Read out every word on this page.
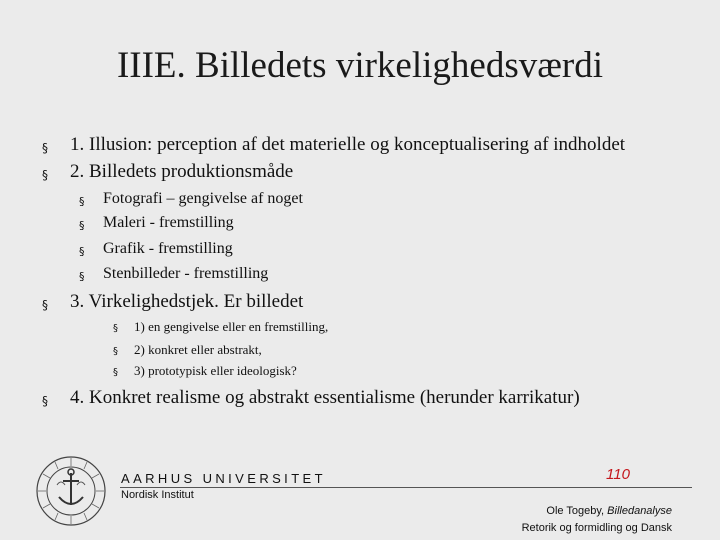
IIIE. Billedets virkelighedsværdi
§ 1. Illusion: perception af det materielle og konceptualisering af indholdet
§ 2. Billedets produktionsmåde
§ Fotografi – gengivelse af noget
§ Maleri - fremstilling
§ Grafik - fremstilling
§ Stenbilleder - fremstilling
§ 3. Virkelighedstjek. Er billedet
§ 1) en gengivelse eller en fremstilling,
§ 2) konkret eller abstrakt,
§ 3) prototypisk eller ideologisk?
§ 4. Konkret realisme og abstrakt essentialisme (herunder karrikatur)
AARHUS UNIVERSITET
Nordisk Institut
110
Ole Togeby, Billedanalyse
Retorik og formidling og Dansk
